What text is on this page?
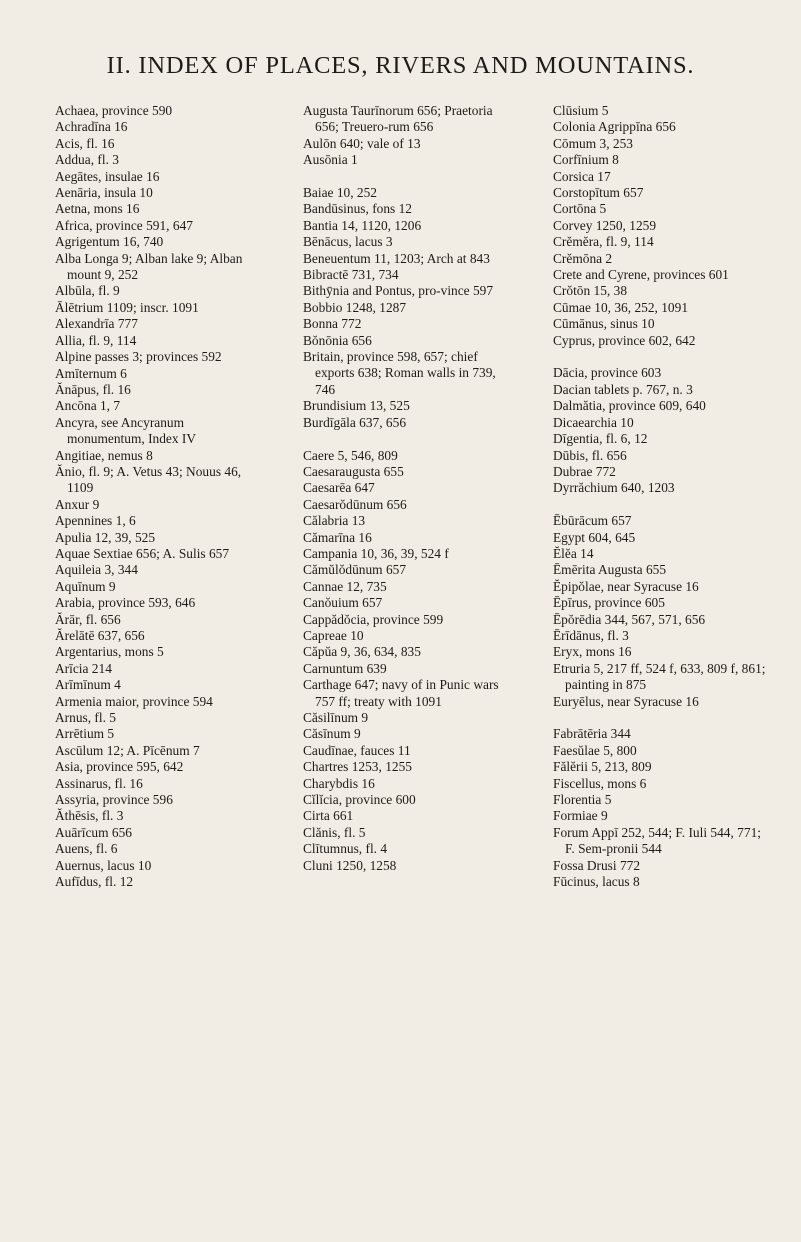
II. INDEX OF PLACES, RIVERS AND MOUNTAINS.
Achaea, province 590
Achradīna 16
Acis, fl. 16
Addua, fl. 3
Aegātes, insulae 16
Aenāria, insula 10
Aetna, mons 16
Africa, province 591, 647
Agrigentum 16, 740
Alba Longa 9; Alban lake 9; Alban mount 9, 252
Albūla, fl. 9
Ālētrium 1109; inscr. 1091
Alexandrīa 777
Allia, fl. 9, 114
Alpine passes 3; provinces 592
Amīternum 6
Ănāpus, fl. 16
Ancōna 1, 7
Ancyra, see Ancyranum monumentum, Index IV
Angitiae, nemus 8
Ănio, fl. 9; A. Vetus 43; Nouus 46, 1109
Anxur 9
Apennines 1, 6
Apulia 12, 39, 525
Aquae Sextiae 656; A. Sulis 657
Aquileia 3, 344
Aquīnum 9
Arabia, province 593, 646
Ărār, fl. 656
Ărelātē 637, 656
Argentarius, mons 5
Arīcia 214
Arīmīnum 4
Armenia maior, province 594
Arnus, fl. 5
Arrētium 5
Ascūlum 12; A. Pīcēnum 7
Asia, province 595, 642
Assinarus, fl. 16
Assyria, province 596
Ăthēsis, fl. 3
Auārīcum 656
Auens, fl. 6
Auernus, lacus 10
Aufīdus, fl. 12
Augusta Taurīnorum 656; Praetoria 656; Treuero-rum 656
Aulōn 640; vale of 13
Ausōnia 1
Baiae 10, 252
Bandūsinus, fons 12
Bantia 14, 1120, 1206
Bēnācus, lacus 3
Beneuentum 11, 1203; Arch at 843
Bibractē 731, 734
Bithȳnia and Pontus, pro-vince 597
Bobbio 1248, 1287
Bonna 772
Bŏnōnia 656
Britain, province 598, 657; chief exports 638; Roman walls in 739, 746
Brundisium 13, 525
Burdīgāla 637, 656
Caere 5, 546, 809
Caesaraugusta 655
Caesarēa 647
Caesarŏdūnum 656
Călabria 13
Cămarīna 16
Campania 10, 36, 39, 524 f
Cămŭlŏdūnum 657
Cannae 12, 735
Canŏuium 657
Cappădŏcia, province 599
Capreae 10
Căpŭa 9, 36, 634, 835
Carnuntum 639
Carthage 647; navy of in Punic wars 757 ff; treaty with 1091
Căsilīnum 9
Căsīnum 9
Caudīnae, fauces 11
Chartres 1253, 1255
Charybdis 16
Cĭlĭcia, province 600
Cirta 661
Clănis, fl. 5
Clītumnus, fl. 4
Cluni 1250, 1258
Clūsium 5
Colonia Agrippīna 656
Cōmum 3, 253
Corfīnium 8
Corsica 17
Corstopītum 657
Cortōna 5
Corvey 1250, 1259
Crĕmĕra, fl. 9, 114
Crĕmōna 2
Crete and Cyrene, provinces 601
Crŏtōn 15, 38
Cūmae 10, 36, 252, 1091
Cūmānus, sinus 10
Cyprus, province 602, 642
Dācia, province 603
Dacian tablets p. 767, n. 3
Dalmătia, province 609, 640
Dicaearchia 10
Dīgentia, fl. 6, 12
Dūbis, fl. 656
Dubrae 772
Dyrrăchium 640, 1203
Ēbūrācum 657
Egypt 604, 645
Ĕlĕa 14
Ēmērita Augusta 655
Ĕpipŏlae, near Syracuse 16
Ēpīrus, province 605
Ēpŏrēdia 344, 567, 571, 656
Ērīdānus, fl. 3
Eryx, mons 16
Etruria 5, 217 ff, 524 f, 633, 809 f, 861; painting in 875
Euryēlus, near Syracuse 16
Fabrātēria 344
Faesŭlae 5, 800
Fălĕrii 5, 213, 809
Fiscellus, mons 6
Florentia 5
Formiae 9
Forum Appī 252, 544; F. Iuli 544, 771; F. Sem-pronii 544
Fossa Drusi 772
Fūcinus, lacus 8
